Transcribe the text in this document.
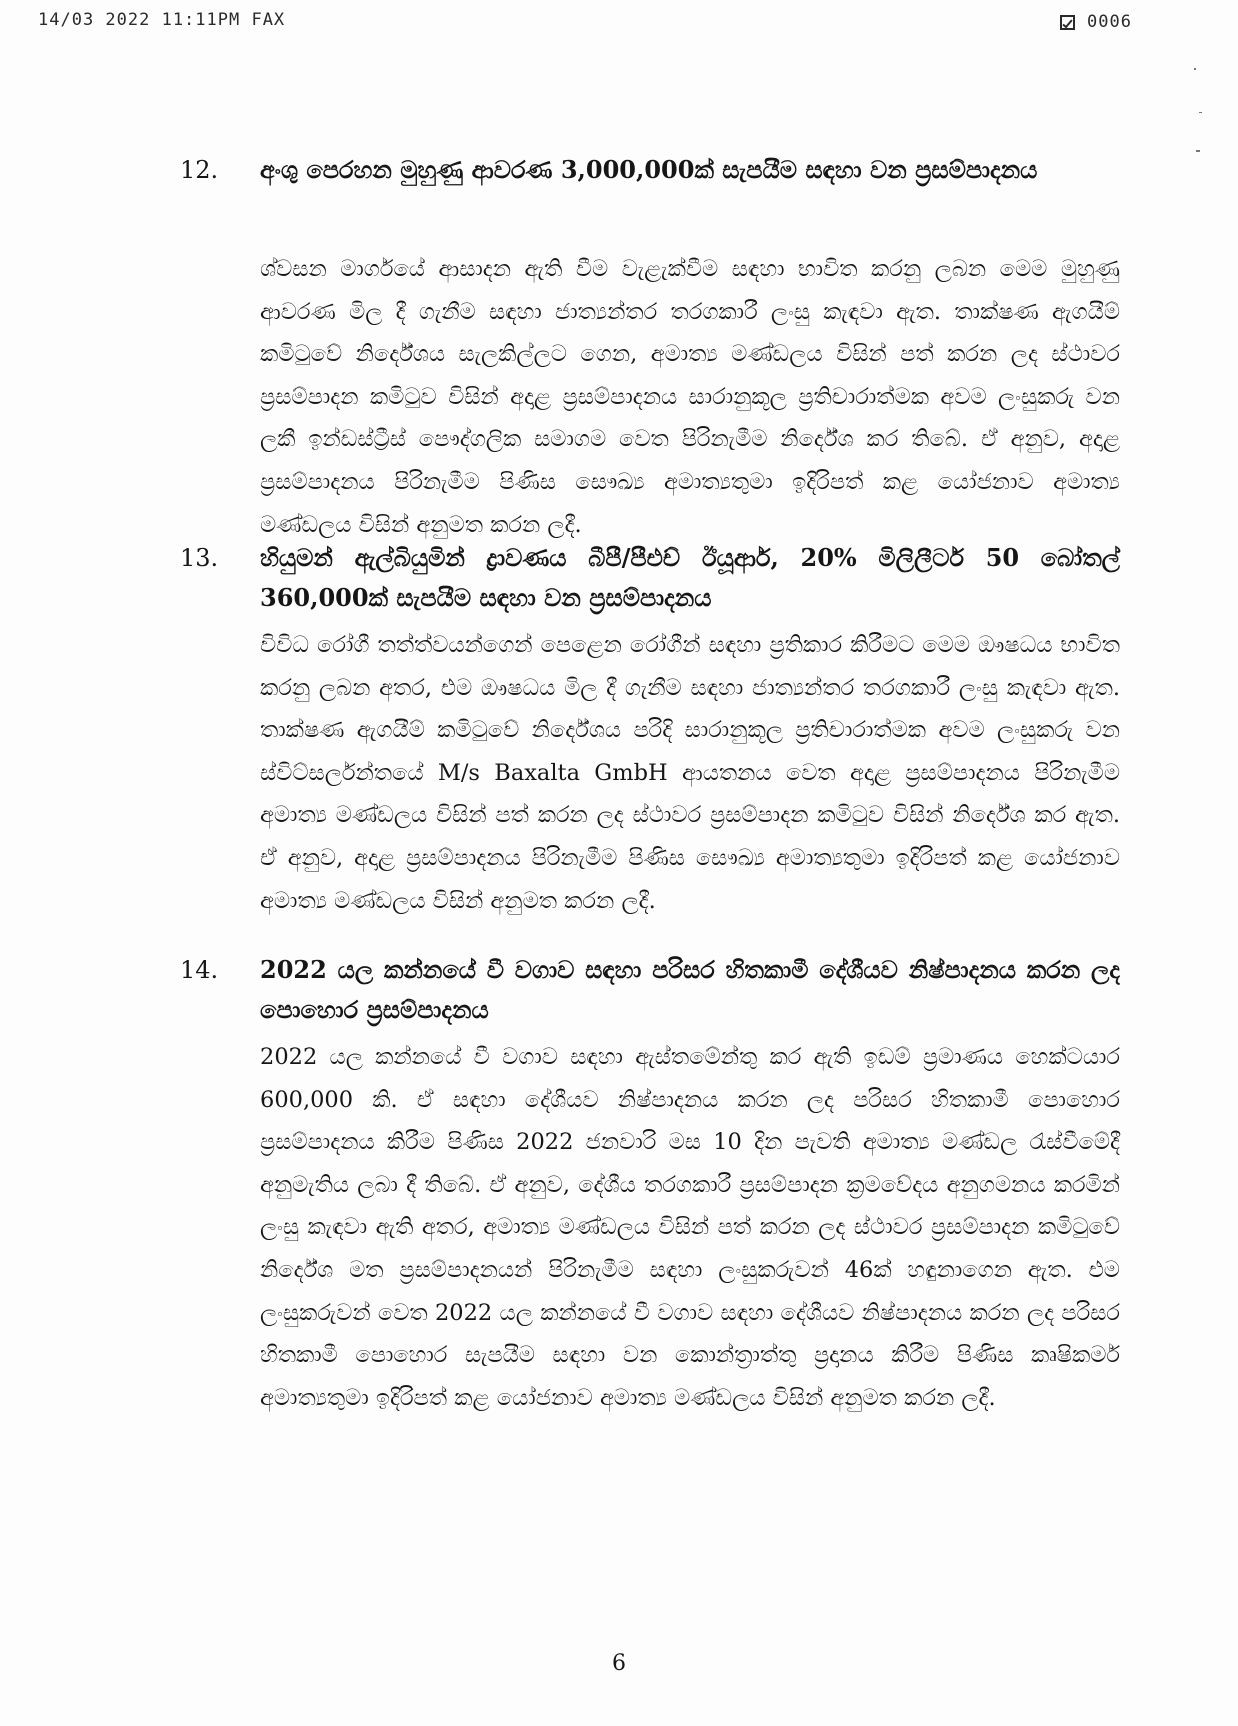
14/03 2022 11:11PM FAX	0006
12. අංශු පෙරහන මුහුණු ආවරණ 3,000,000ක් සැපයීම සඳහා වන ප්‍රසම්පාදනය
ශ්වසන මාර්ගයේ ආසාදන ඇති වීම වැළැක්වීම සඳහා භාවිත කරනු ලබන මෙම මුහුණු ආවරණ මිල දී ගැනීම සඳහා ජාත්‍යන්තර තරගකාරී ලංසු කැඳවා ඇත. තාක්ෂණ ඇගයීම් කමිටුවේ නිර්දේශය සැලකිල්ලට ගෙන, අමාත්‍ය මණ්ඩලය විසින් පත් කරන ලද ස්ථාවර ප්‍රසම්පාදන කමිටුව විසින් අදාළ ප්‍රසම්පාදනය සාරානුකූල ප්‍රතිචාරාත්මක අවම ලංසුකරු වන ලකී ඉන්ඩස්ට්‍රීස් පෞද්ගලික සමාගම වෙත පිරිනැමීම නිර්දේශ කර තිබේ. ඒ අනුව, අදාළ ප්‍රසම්පාදනය පිරිනැමීම පිණිස සෞඛ්‍ය අමාත්‍යතුමා ඉදිරිපත් කළ යෝජනාව අමාත්‍ය මණ්ඩලය විසින් අනුමත කරන ලදී.
13. හියුමන් ඇල්බියුමින් ද්‍රාවණය බීපී/පීඑච් ඊයූආර්, 20% මිලිලීටර් 50 බෝතල් 360,000ක් සැපයීම සඳහා වන ප්‍රසම්පාදනය
විවිධ රෝගී තත්ත්වයන්ගෙන් පෙළෙන රෝගීන් සඳහා ප්‍රතිකාර කිරීමට මෙම ඖෂධය භාවිත කරනු ලබන අතර, එම ඖෂධය මිල දී ගැනීම සඳහා ජාත්‍යන්තර තරගකාරී ලංසු කැඳවා ඇත. තාක්ෂණ ඇගයීම් කමිටුවේ නිර්දේශය පරිදි සාරානුකූල ප්‍රතිචාරාත්මක අවම ලංසුකරු වන ස්විට්සර්ලන්තයේ M/s Baxalta GmbH ආයතනය වෙත අදාළ ප්‍රසම්පාදනය පිරිනැමීම අමාත්‍ය මණ්ඩලය විසින් පත් කරන ලද ස්ථාවර ප්‍රසම්පාදන කමිටුව විසින් නිර්දේශ කර ඇත. ඒ අනුව, අදාළ ප්‍රසම්පාදනය පිරිනැමීම පිණිස සෞඛ්‍ය අමාත්‍යතුමා ඉදිරිපත් කළ යෝජනාව අමාත්‍ය මණ්ඩලය විසින් අනුමත කරන ලදී.
14. 2022 යල කන්නයේ වී වගාව සඳහා පරිසර හිතකාමී දේශීයව නිෂ්පාදනය කරන ලද පොහොර ප්‍රසම්පාදනය
2022 යල කන්නයේ වී වගාව සඳහා ඇස්තමේන්තු කර ඇති ඉඩම් ප්‍රමාණය හෙක්ටයාර 600,000 කි. ඒ සඳහා දේශීයව නිෂ්පාදනය කරන ලද පරිසර හිතකාමී පොහොර ප්‍රසම්පාදනය කිරීම පිණිස 2022 ජනවාරි මස 10 දින පැවති අමාත්‍ය මණ්ඩල රැස්වීමේදී අනුමැතිය ලබා දී තිබේ. ඒ අනුව, දේශීය තරගකාරී ප්‍රසම්පාදන ක්‍රමවේදය අනුගමනය කරමින් ලංසු කැඳවා ඇති අතර, අමාත්‍ය මණ්ඩලය විසින් පත් කරන ලද ස්ථාවර ප්‍රසම්පාදන කමිටුවේ නිර්දේශ මත ප්‍රසම්පාදනයන් පිරිනැමීම සඳහා ලංසුකරුවන් 46ක් හඳුනාගෙන ඇත. එම ලංසුකරුවන් වෙත 2022 යල කන්නයේ වී වගාව සඳහා දේශීයව නිෂ්පාදනය කරන ලද පරිසර හිතකාමී පොහොර සැපයීම සඳහා වන කොන්ත්‍රාත්තු ප්‍රදානය කිරීම පිණිස කෘෂිකර්ම අමාත්‍යතුමා ඉදිරිපත් කළ යෝජනාව අමාත්‍ය මණ්ඩලය විසින් අනුමත කරන ලදී.
6
